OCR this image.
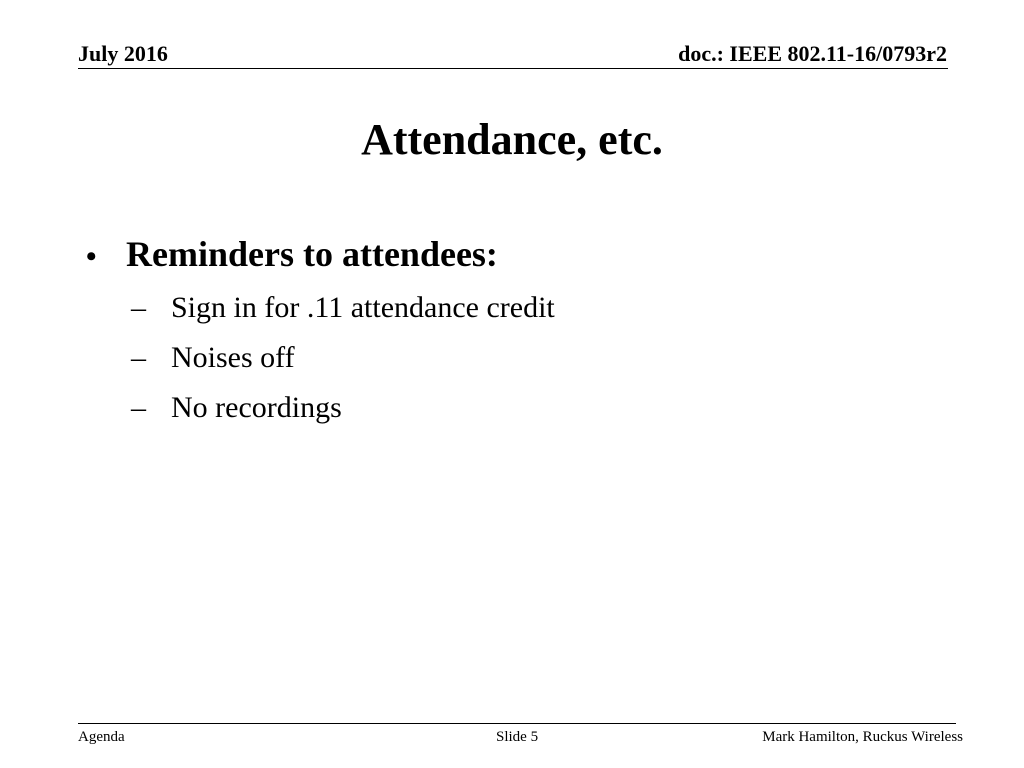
July 2016	doc.: IEEE 802.11-16/0793r2
Attendance, etc.
• Reminders to attendees:
– Sign in for .11 attendance credit
– Noises off
– No recordings
Agenda	Slide 5	Mark Hamilton, Ruckus Wireless
